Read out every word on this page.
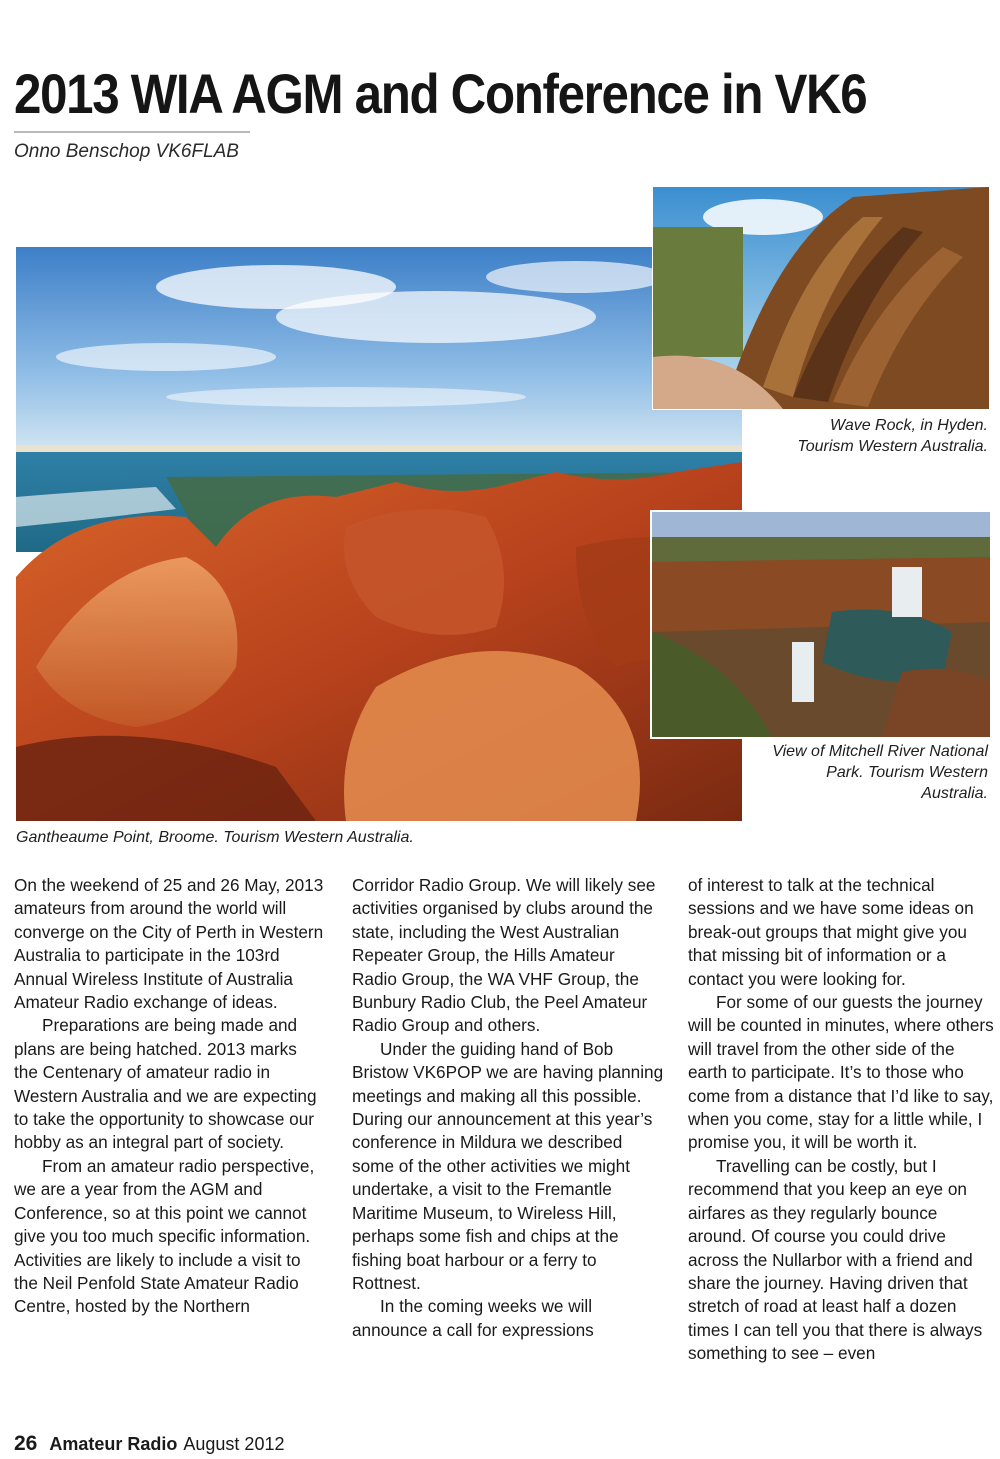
2013 WIA AGM and Conference in VK6
Onno Benschop VK6FLAB
Gantheaume Point, Broome. Tourism Western Australia.
Wave Rock, in Hyden.
Tourism Western Australia.
View of Mitchell River National
Park. Tourism Western
Australia.

On the weekend of 25 and 26 May, 2013 amateurs from around the world will converge on the City of Perth in Western Australia to participate in the 103rd Annual Wireless Institute of Australia Amateur Radio exchange of ideas.

Preparations are being made and plans are being hatched. 2013 marks the Centenary of amateur radio in Western Australia and we are expecting to take the opportunity to showcase our hobby as an integral part of society.

From an amateur radio perspective, we are a year from the AGM and Conference, so at this point we cannot give you too much specific information. Activities are likely to include a visit to the Neil Penfold State Amateur Radio Centre, hosted by the Northern

Corridor Radio Group. We will likely see activities organised by clubs around the state, including the West Australian Repeater Group, the Hills Amateur Radio Group, the WA VHF Group, the Bunbury Radio Club, the Peel Amateur Radio Group and others.

Under the guiding hand of Bob Bristow VK6POP we are having planning meetings and making all this possible. During our announcement at this year’s conference in Mildura we described some of the other activities we might undertake, a visit to the Fremantle Maritime Museum, to Wireless Hill, perhaps some fish and chips at the fishing boat harbour or a ferry to Rottnest.

In the coming weeks we will announce a call for expressions

of interest to talk at the technical sessions and we have some ideas on break-out groups that might give you that missing bit of information or a contact you were looking for.

For some of our guests the journey will be counted in minutes, where others will travel from the other side of the earth to participate. It’s to those who come from a distance that I’d like to say, when you come, stay for a little while, I promise you, it will be worth it.

Travelling can be costly, but I recommend that you keep an eye on airfares as they regularly bounce around. Of course you could drive across the Nullarbor with a friend and share the journey. Having driven that stretch of road at least half a dozen times I can tell you that there is always something to see – even

26 Amateur Radio August 2012
